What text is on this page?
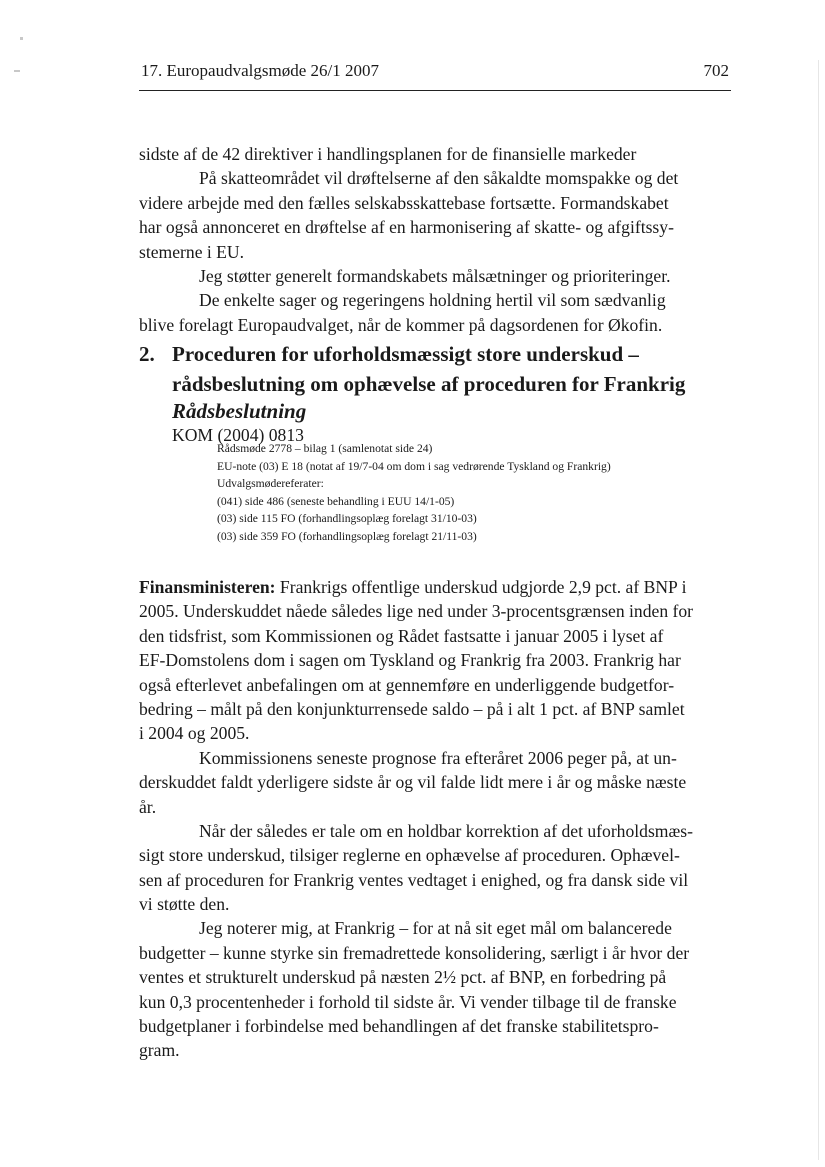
17. Europaudvalgsmøde 26/1 2007	702
sidste af de 42 direktiver i handlingsplanen for de finansielle markeder
På skatteområdet vil drøftelserne af den såkaldte momspakke og det
videre arbejde med den fælles selskabsskattebase fortsætte. Formandskabet
har også annonceret en drøftelse af en harmonisering af skatte- og afgiftssy-
stemerne i EU.
Jeg støtter generelt formandskabets målsætninger og prioriteringer.
De enkelte sager og regeringens holdning hertil vil som sædvanlig
blive forelagt Europaudvalget, når de kommer på dagsordenen for Økofin.
2. Proceduren for uforholdsmæssigt store underskud –
rådsbeslutning om ophævelse af proceduren for Frankrig
Rådsbeslutning
KOM (2004) 0813
Rådsmøde 2778 – bilag 1 (samlenotat side 24)
EU-note (03) E 18 (notat af 19/7-04 om dom i sag vedrørende Tyskland og Frankrig)
Udvalgsmødereferater:
(041) side 486 (seneste behandling i EUU 14/1-05)
(03) side 115 FO (forhandlingsoplæg forelagt 31/10-03)
(03) side 359 FO (forhandlingsoplæg forelagt 21/11-03)
Finansministeren: Frankrigs offentlige underskud udgjorde 2,9 pct. af BNP i
2005. Underskuddet nåede således lige ned under 3-procentsgrænsen inden for
den tidsfrist, som Kommissionen og Rådet fastsatte i januar 2005 i lyset af
EF-Domstolens dom i sagen om Tyskland og Frankrig fra 2003. Frankrig har
også efterlevet anbefalingen om at gennemføre en underliggende budgetfor-
bedring – målt på den konjunkturrensede saldo – på i alt 1 pct. af BNP samlet
i 2004 og 2005.
Kommissionens seneste prognose fra efteråret 2006 peger på, at un-
derskuddet faldt yderligere sidste år og vil falde lidt mere i år og måske næste
år.
Når der således er tale om en holdbar korrektion af det uforholdsmæs-
sigt store underskud, tilsiger reglerne en ophævelse af proceduren. Ophævel-
sen af proceduren for Frankrig ventes vedtaget i enighed, og fra dansk side vil
vi støtte den.
Jeg noterer mig, at Frankrig – for at nå sit eget mål om balancerede
budgetter – kunne styrke sin fremadrettede konsolidering, særligt i år hvor der
ventes et strukturelt underskud på næsten 2½ pct. af BNP, en forbedring på
kun 0,3 procentenheder i forhold til sidste år. Vi vender tilbage til de franske
budgetplaner i forbindelse med behandlingen af det franske stabilitetspro-
gram.
